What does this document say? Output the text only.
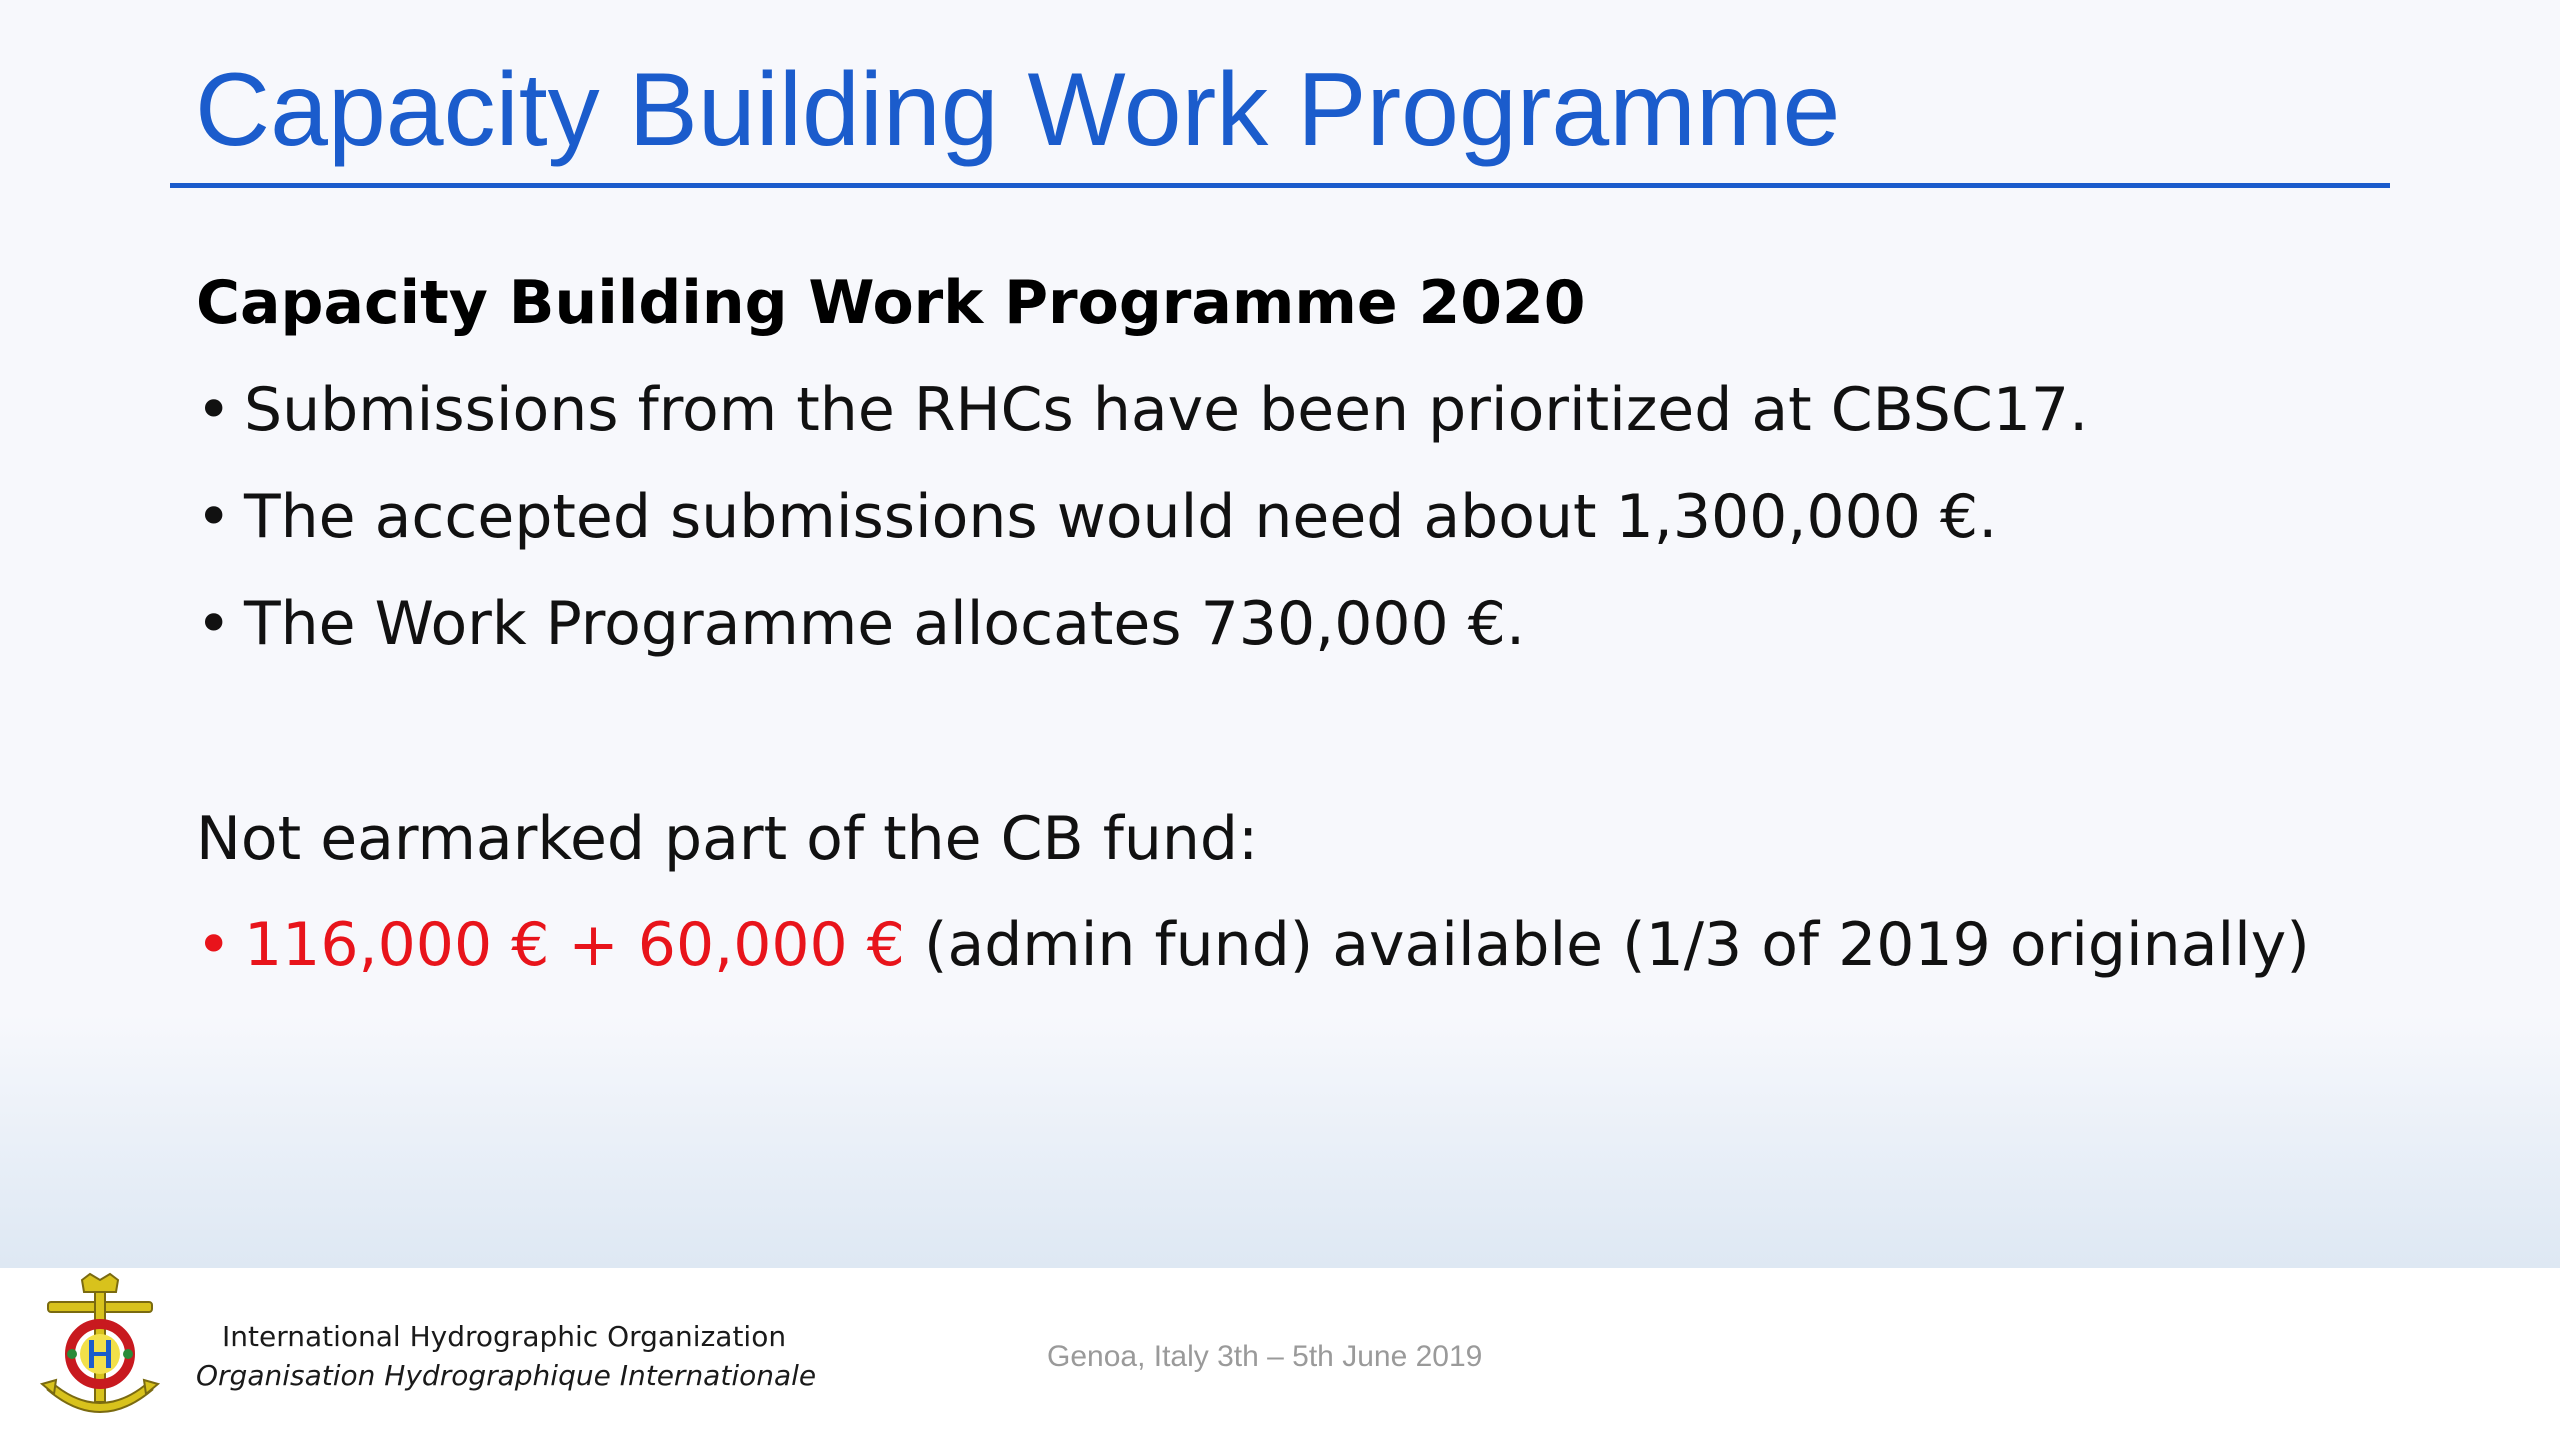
Capacity Building Work Programme
Capacity Building Work Programme 2020
• Submissions from the RHCs have been prioritized at CBSC17.
• The accepted submissions would need about 1,300,000 €.
• The Work Programme allocates 730,000 €.

Not earmarked part of the CB fund:

• 116,000 € + 60,000 € (admin fund) available (1/3 of 2019 originally)
International Hydrographic Organization
Organisation Hydrographique Internationale
Genoa, Italy 3th – 5th June 2019
